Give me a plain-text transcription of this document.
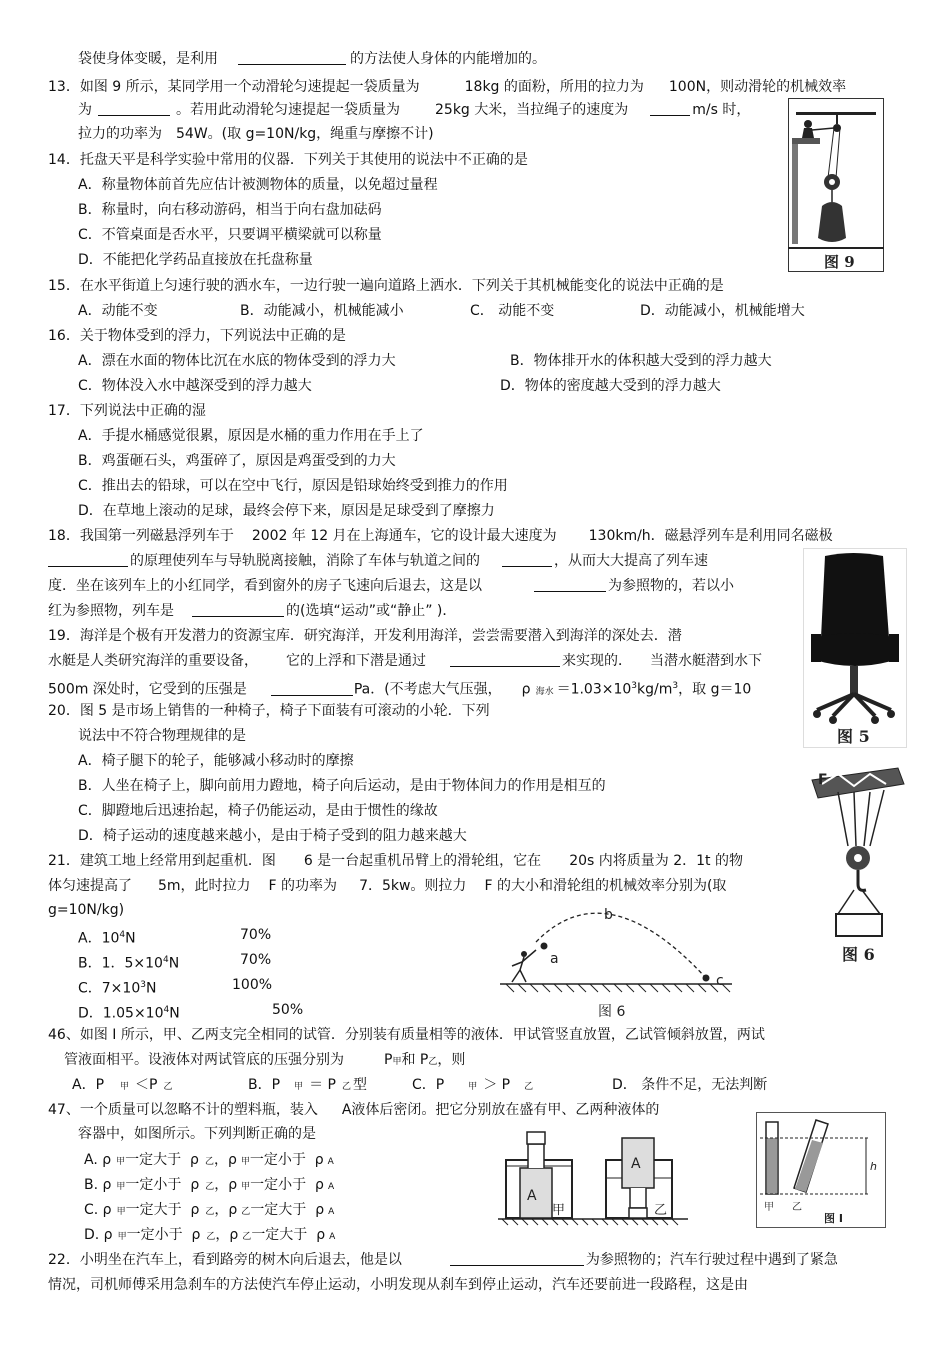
袋使身体变暖，是利用	的方法使人身体的内能增加的。
13．如图 9 所示，某同学用一个动滑轮匀速提起一袋质量为	18kg 的面粉，所用的拉力为 100N，则动滑轮的机械效率
为	。若用此动滑轮匀速提起一袋质量为	25kg 大米，当拉绳子的速度为	m/s 时，
拉力的功率为 54W。(取 g=10N/kg，绳重与摩擦不计)
14．托盘天平是科学实验中常用的仪器．下列关于其使用的说法中不正确的是
A．称量物体前首先应估计被测物体的质量，以免超过量程
B．称量时，向右移动游码，相当于向右盘加砝码
C．不管桌面是否水平，只要调平横梁就可以称量
D．不能把化学药品直接放在托盘称量
15．在水平街道上匀速行驶的洒水车，一边行驶一遍向道路上洒水．下列关于其机械能变化的说法中正确的是
A．动能不变	B．动能减小，机械能减小	C． 动能不变	D．动能减小，机械能增大
16．关于物体受到的浮力，下列说法中正确的是
A．漂在水面的物体比沉在水底的物体受到的浮力大	B．物体排开水的体积越大受到的浮力越大
C．物体没入水中越深受到的浮力越大	D．物体的密度越大受到的浮力越大
17．下列说法中正确的湿
A．手提水桶感觉很累，原因是水桶的重力作用在手上了
B．鸡蛋砸石头，鸡蛋碎了，原因是鸡蛋受到的力大
C．推出去的铅球，可以在空中飞行，原因是铅球始终受到推力的作用
D．在草地上滚动的足球，最终会停下来，原因是足球受到了摩擦力
18．我国第一列磁悬浮列车于 2002 年 12 月在上海通车，它的设计最大速度为 130km/h．磁悬浮列车是利用同名磁极
的原理使列车与导轨脱离接触，消除了车体与轨道之间的	，从而大大提高了列车速
度．坐在该列车上的小红同学，看到窗外的房子飞速向后退去，这是以	为参照物的，若以小
红为参照物，列车是	的(选填“运动”或“静止” )．
19．海洋是个极有开发潜力的资源宝库．研究海洋，开发利用海洋，尝尝需要潜入到海洋的深处去．潜
水艇是人类研究海洋的重要设备， 它的上浮和下潜是通过	来实现的． 当潜水艇潜到水下
500m 深处时，它受到的压强是	Pa．(不考虑大气压强， ρ 海水 $=1.03\times 10^3kg/m^3$，取 g＝10
20．图 5 是市场上销售的一种椅子，椅子下面装有可滚动的小轮．下列
说法中不符合物理规律的是
A．椅子腿下的轮子，能够减小移动时的摩擦
B．人坐在椅子上，脚向前用力蹬地，椅子向后运动，是由于物体间力的作用是相互的
C．脚蹬地后迅速抬起，椅子仍能运动，是由于惯性的缘故
D．椅子运动的速度越来越小，是由于椅子受到的阻力越来越大
21．建筑工地上经常用到起重机．图 6 是一台起重机吊臂上的滑轮组，它在 20s 内将质量为 2．1t 的物
体匀速提高了 5m，此时拉力 F 的功率为 7．5kw。则拉力 F 的大小和滑轮组的机械效率分别为(取
g=10N/kg)
A．$10^4N$	70%
B．1．$5\times 10^4N$	70%
C．$7\times 10^3N$	100%
D．$1.05\times 10^4N$	50%
46、如图 I 所示，甲、乙两支完全相同的试管．分别装有质量相等的液体．甲试管竖直放置，乙试管倾斜放置，两试
管液面相平。设液体对两试管底的压强分别为	P甲和 P乙，则
A．P 甲 ＜P 乙	B．P 甲 ＝ P 乙 型	C．P	甲 ＞ P 乙	D． 条件不足，无法判断
47、一个质量可以忽略不计的塑料瓶，装入 A液体后密闭。把它分别放在盛有甲、乙两种液体的
容器中，如图所示。下列判断正确的是
A. ρ 甲一定大于  ρ 乙，ρ 甲一定小于  ρ A
B. ρ 甲一定小于  ρ 乙，ρ 甲一定小于  ρ A
C. ρ 甲一定大于  ρ 乙，ρ 乙一定大于  ρ A
D. ρ 甲一定小于  ρ 乙，ρ 乙一定大于  ρ A
22．小明坐在汽车上，看到路旁的树木向后退去，他是以	为参照物的；汽车行驶过程中遇到了紧急
情况，司机师傅采用急刹车的方法使汽车停止运动，小明发现从刹车到停止运动，汽车还要前进一段路程，这是由
图 9
图 5
F
图 6
a
b
c
图 6
A
甲
A
乙
h
甲 乙
图 I
